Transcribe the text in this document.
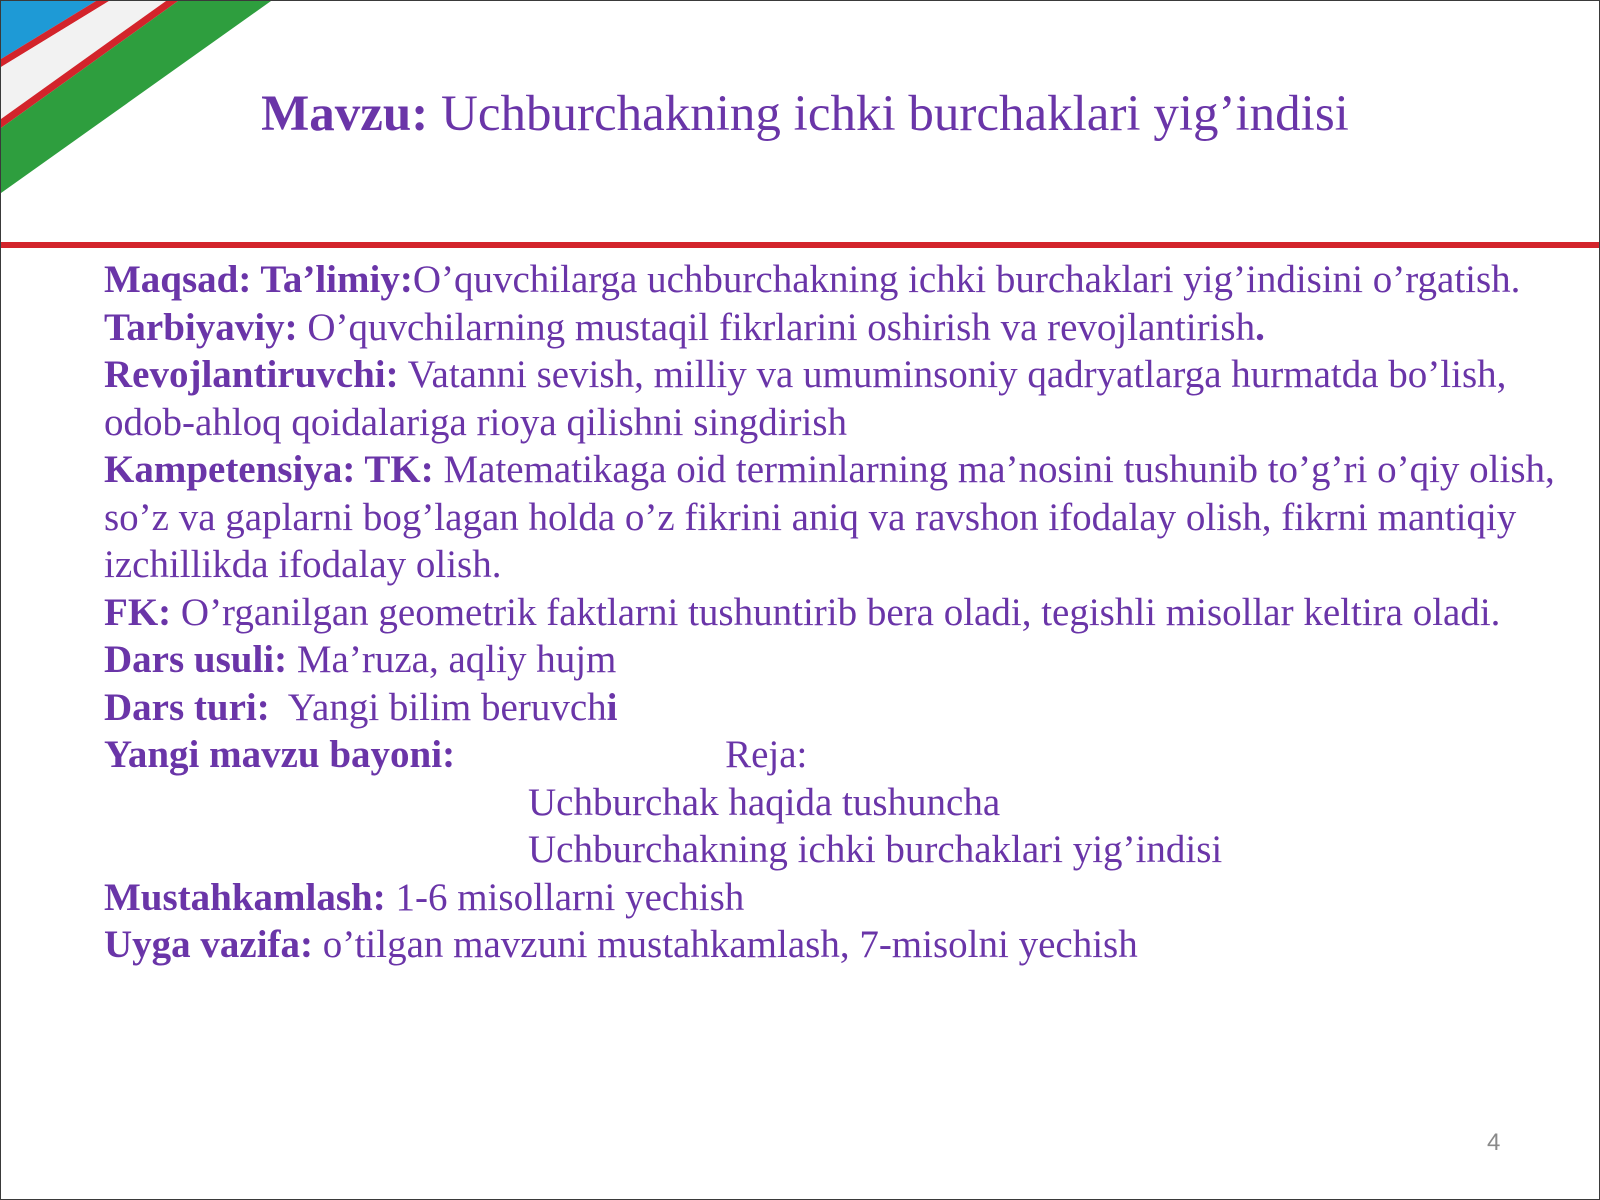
Mavzu: Uchburchakning ichki burchaklari yig’indisi

Maqsad: Ta’limiy:O’quvchilarga uchburchakning ichki burchaklari yig’indisini o’rgatish.

Tarbiyaviy: O’quvchilarning mustaqil fikrlarini oshirish va revojlantirish.

Revojlantiruvchi: Vatanni sevish, milliy va umuminsoniy qadryatlarga hurmatda bo’lish, odob-ahloq qoidalariga rioya qilishni singdirish

Kampetensiya: TK: Matematikaga oid terminlarning ma’nosini tushunib to’g’ri o’qiy olish, so’z va gaplarni bog’lagan holda o’z fikrini aniq va ravshon ifodalay olish, fikrni mantiqiy izchillikda ifodalay olish.

FK: O’rganilgan geometrik faktlarni tushuntirib bera oladi, tegishli misollar keltira oladi.

Dars usuli: Ma’ruza, aqliy hujm

Dars turi:  Yangi bilim beruvchi

Yangi mavzu bayoni:	Reja:

Uchburchak haqida tushuncha

Uchburchakning ichki burchaklari yig’indisi

Mustahkamlash: 1-6 misollarni yechish

Uyga vazifa: o’tilgan mavzuni mustahkamlash, 7-misolni yechish

4
